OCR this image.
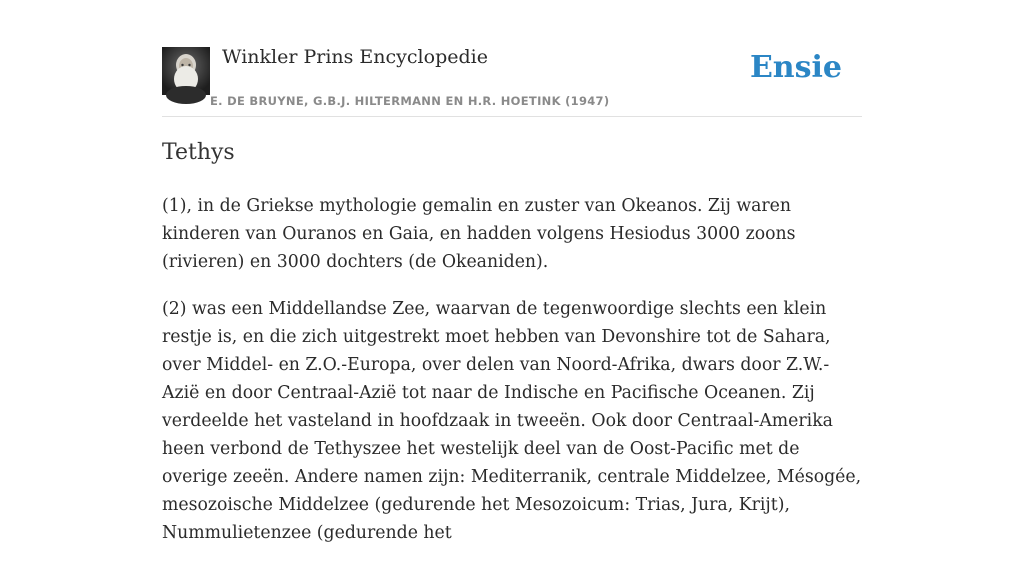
Winkler Prins Encyclopedie
E. DE BRUYNE, G.B.J. HILTERMANN EN H.R. HOETINK (1947)
Ensie
Tethys

(1), in de Griekse mythologie gemalin en zuster van Okeanos. Zij waren kinderen van Ouranos en Gaia, en hadden volgens Hesiodus 3000 zoons (rivieren) en 3000 dochters (de Okeaniden).

(2) was een Middellandse Zee, waarvan de tegenwoordige slechts een klein restje is, en die zich uitgestrekt moet hebben van Devonshire tot de Sahara, over Middel- en Z.O.-Europa, over delen van Noord-Afrika, dwars door Z.W.-Azië en door Centraal-Azië tot naar de Indische en Pacifische Oceanen. Zij verdeelde het vasteland in hoofdzaak in tweeën. Ook door Centraal-Amerika heen verbond de Tethyszee het westelijk deel van de Oost-Pacific met de overige zeeën. Andere namen zijn: Mediterranik, centrale Middelzee, Mésogée, mesozoische Middelzee (gedurende het Mesozoicum: Trias, Jura, Krijt), Nummulietenzee (gedurende het
